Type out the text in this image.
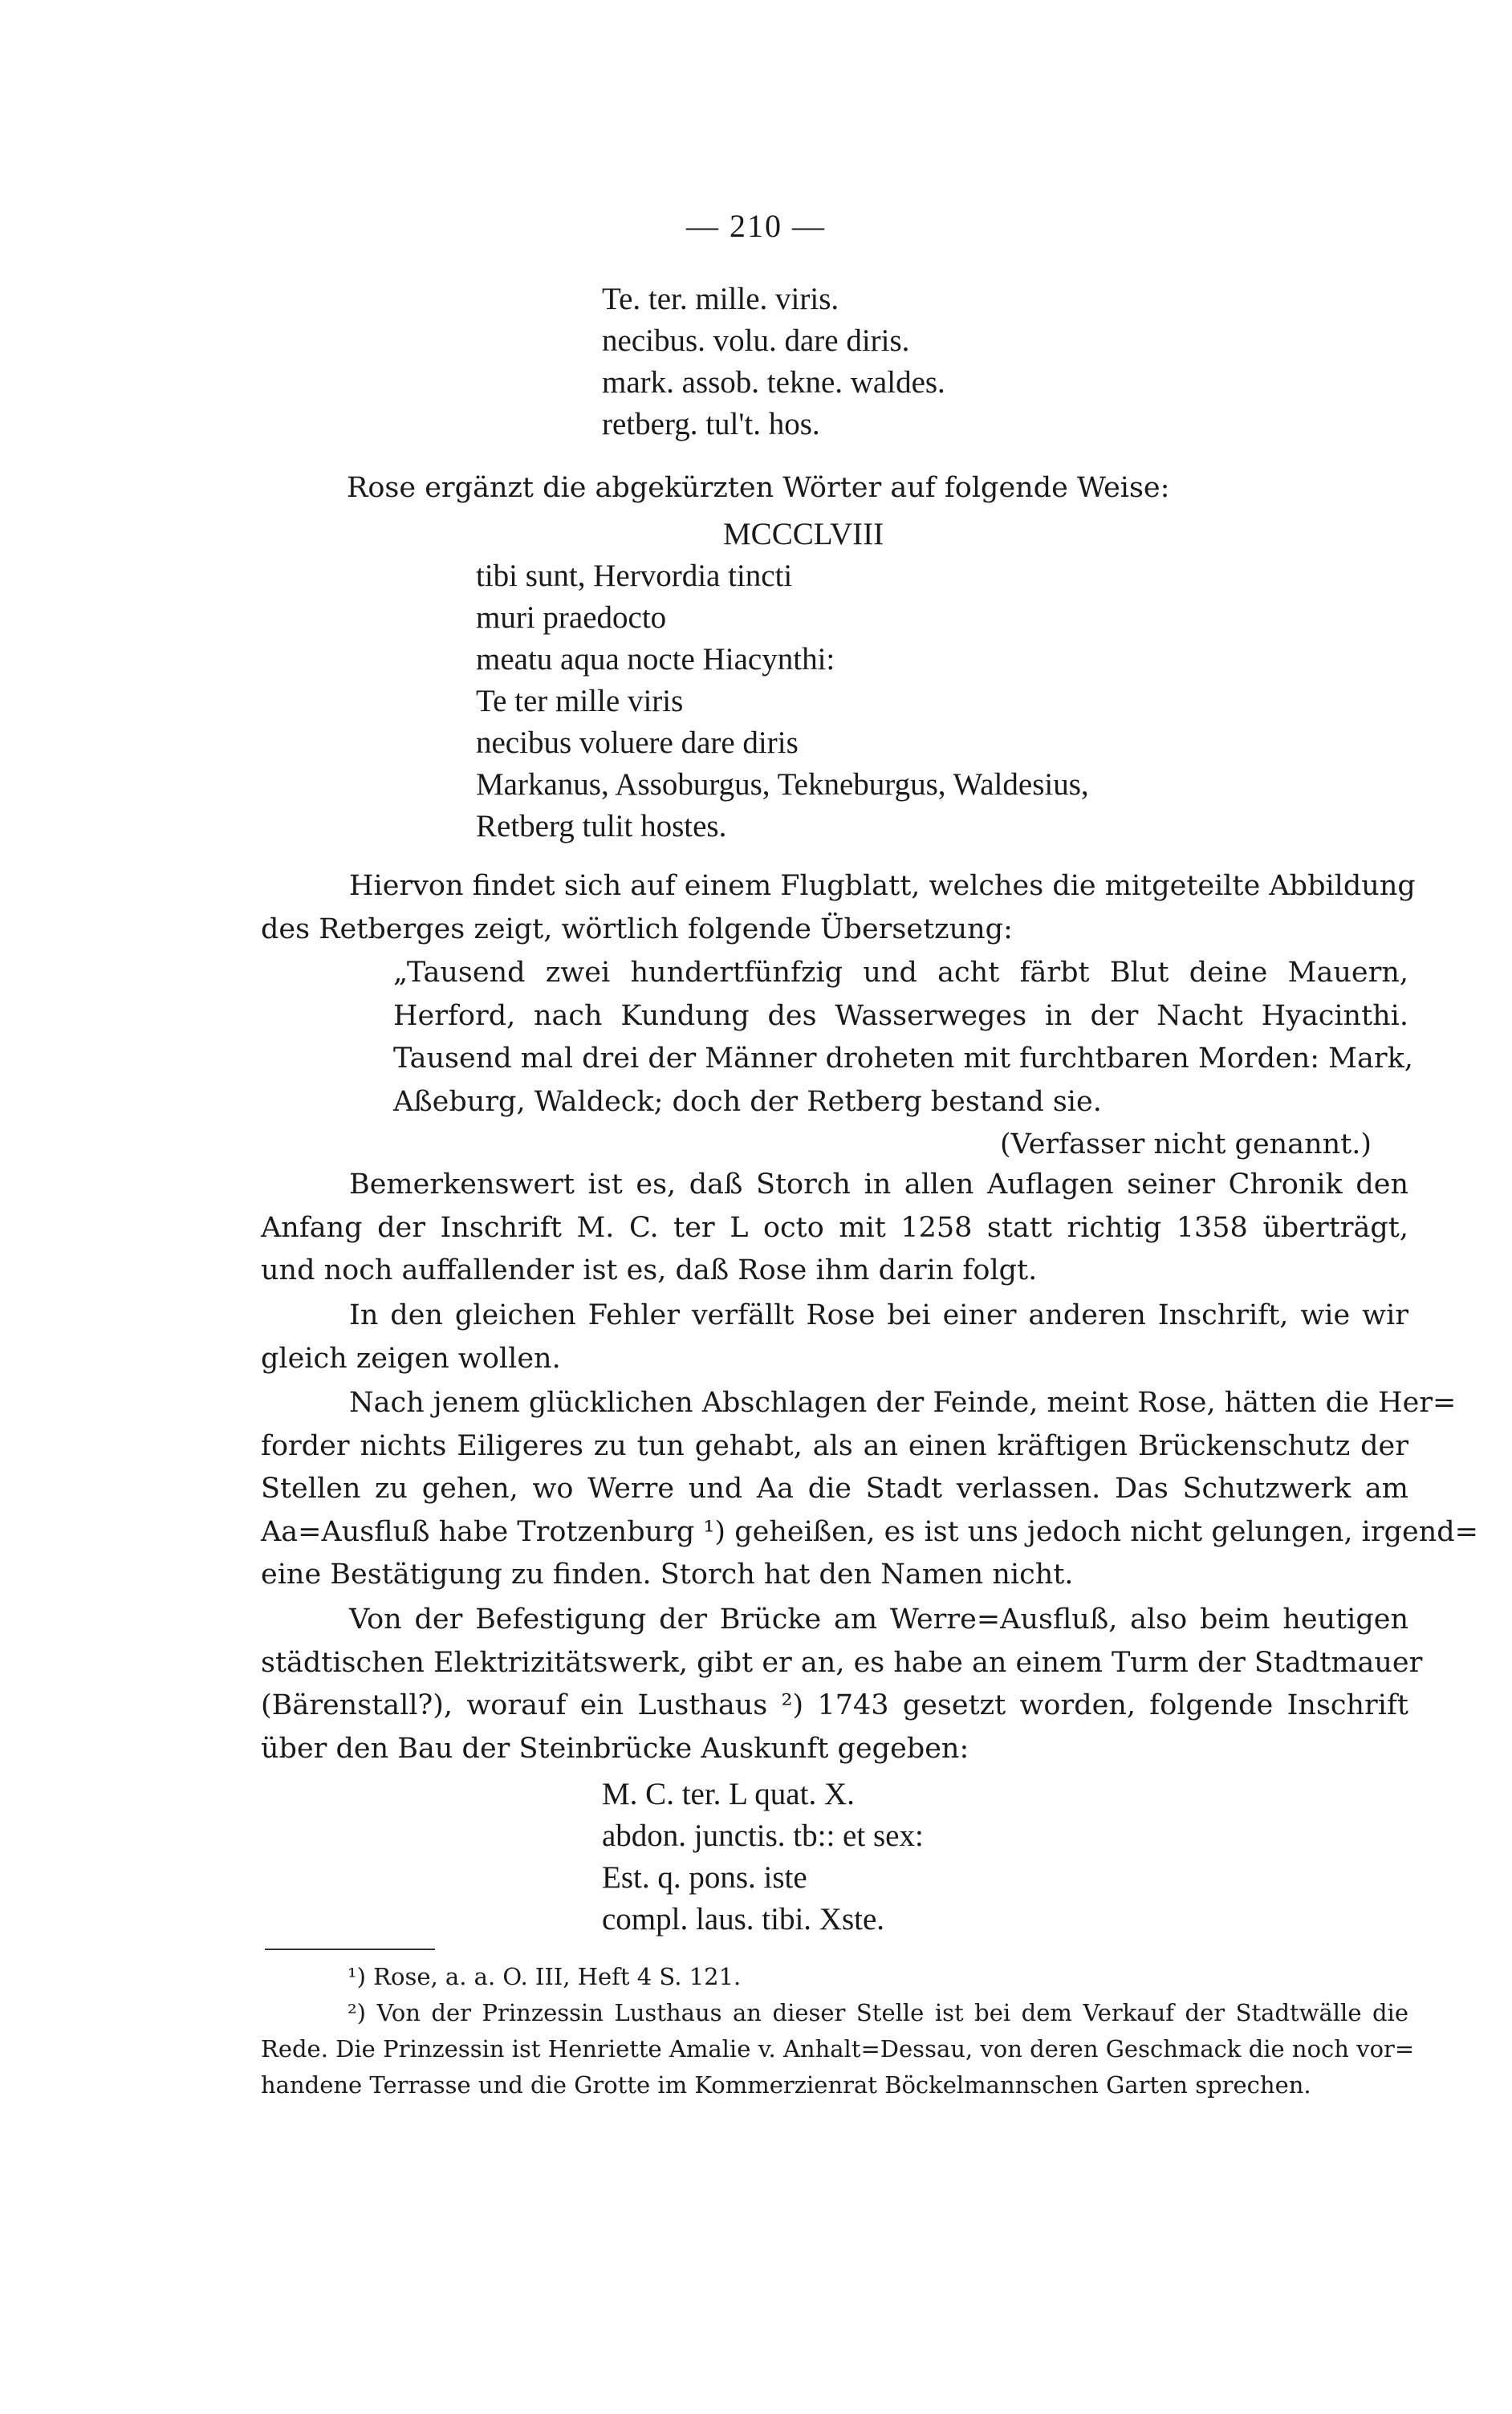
— 210 —
Te. ter. mille. viris.
necibus. volu. dare diris.
mark. assob. tekne. waldes.
retberg. tul't. hos.
Rose ergänzt die abgekürzten Wörter auf folgende Weise:
MCCCLVIII
tibi sunt, Hervordia tincti
muri praedocto
meatu aqua nocte Hiacynthi:
Te ter mille viris
necibus voluere dare diris
Markanus, Assoburgus, Tekneburgus, Waldesius,
Retberg tulit hostes.
Hiervon findet sich auf einem Flugblatt, welches die mitgeteilte Abbildung
des Retberges zeigt, wörtlich folgende Übersetzung:
„Tausend zwei hundertfünfzig und acht färbt Blut deine Mauern,
Herford, nach Kundung des Wasserweges in der Nacht Hyacinthi.
Tausend mal drei der Männer droheten mit furchtbaren Morden: Mark,
Aßeburg, Waldeck; doch der Retberg bestand sie.
(Verfasser nicht genannt.)
Bemerkenswert ist es, daß Storch in allen Auflagen seiner Chronik den
Anfang der Inschrift M. C. ter L octo mit 1258 statt richtig 1358 überträgt,
und noch auffallender ist es, daß Rose ihm darin folgt.
In den gleichen Fehler verfällt Rose bei einer anderen Inschrift, wie wir
gleich zeigen wollen.
Nach jenem glücklichen Abschlagen der Feinde, meint Rose, hätten die Her=
forder nichts Eiligeres zu tun gehabt, als an einen kräftigen Brückenschutz der
Stellen zu gehen, wo Werre und Aa die Stadt verlassen. Das Schutzwerk am
Aa=Ausfluß habe Trotzenburg ¹) geheißen, es ist uns jedoch nicht gelungen, irgend=
eine Bestätigung zu finden. Storch hat den Namen nicht.
Von der Befestigung der Brücke am Werre=Ausfluß, also beim heutigen
städtischen Elektrizitätswerk, gibt er an, es habe an einem Turm der Stadtmauer
(Bärenstall?), worauf ein Lusthaus ²) 1743 gesetzt worden, folgende Inschrift
über den Bau der Steinbrücke Auskunft gegeben:
M. C. ter. L quat. X.
abdon. junctis. tb:: et sex:
Est. q. pons. iste
compl. laus. tibi. Xste.
¹) Rose, a. a. O. III, Heft 4 S. 121.
²) Von der Prinzessin Lusthaus an dieser Stelle ist bei dem Verkauf der Stadtwälle die
Rede. Die Prinzessin ist Henriette Amalie v. Anhalt=Dessau, von deren Geschmack die noch vor=
handene Terrasse und die Grotte im Kommerzienrat Böckelmannschen Garten sprechen.
